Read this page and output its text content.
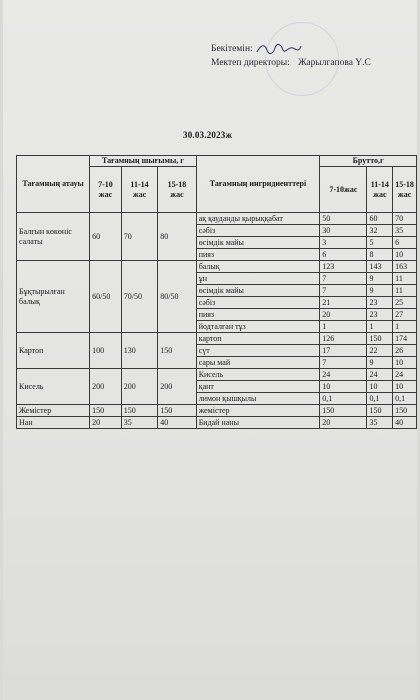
Бекітемін:
Мектеп директоры: Жарылгапова Ү.С
30.03.2023ж
Тағамның атауы	Тағамның шығымы, г			Тағамның ингридиенттері	Брутто,г		
	7-10 жас	11-14 жас	15-18 жас		7-10жас	11-14 жас	15-18 жас
Балғын көкөніс салаты	60	70	80	ақ қауданды қырыққабат	50	60	70
				сәбіз	30	32	35
				өсімдік майы	3	5	6
				пияз	6	8	10
Бұқтырылған балық	60/50	70/50	80/50	балық	123	143	163
				ұн	7	9	11
				өсімдік майы	7	9	11
				сәбіз	21	23	25
				пияз	20	23	27
				йодталған тұз	1	1	1
Картоп	100	130	150	картоп	126	150	174
				сүт	17	22	26
				сары май	7	9	10
Кисель	200	200	200	Кисель	24	24	24
				қант	10	10	10
				лимон қышқылы	0,1	0,1	0,1
Жемістер	150	150	150	жемістер	150	150	150
Нан	20	35	40	Бидай наны	20	35	40
